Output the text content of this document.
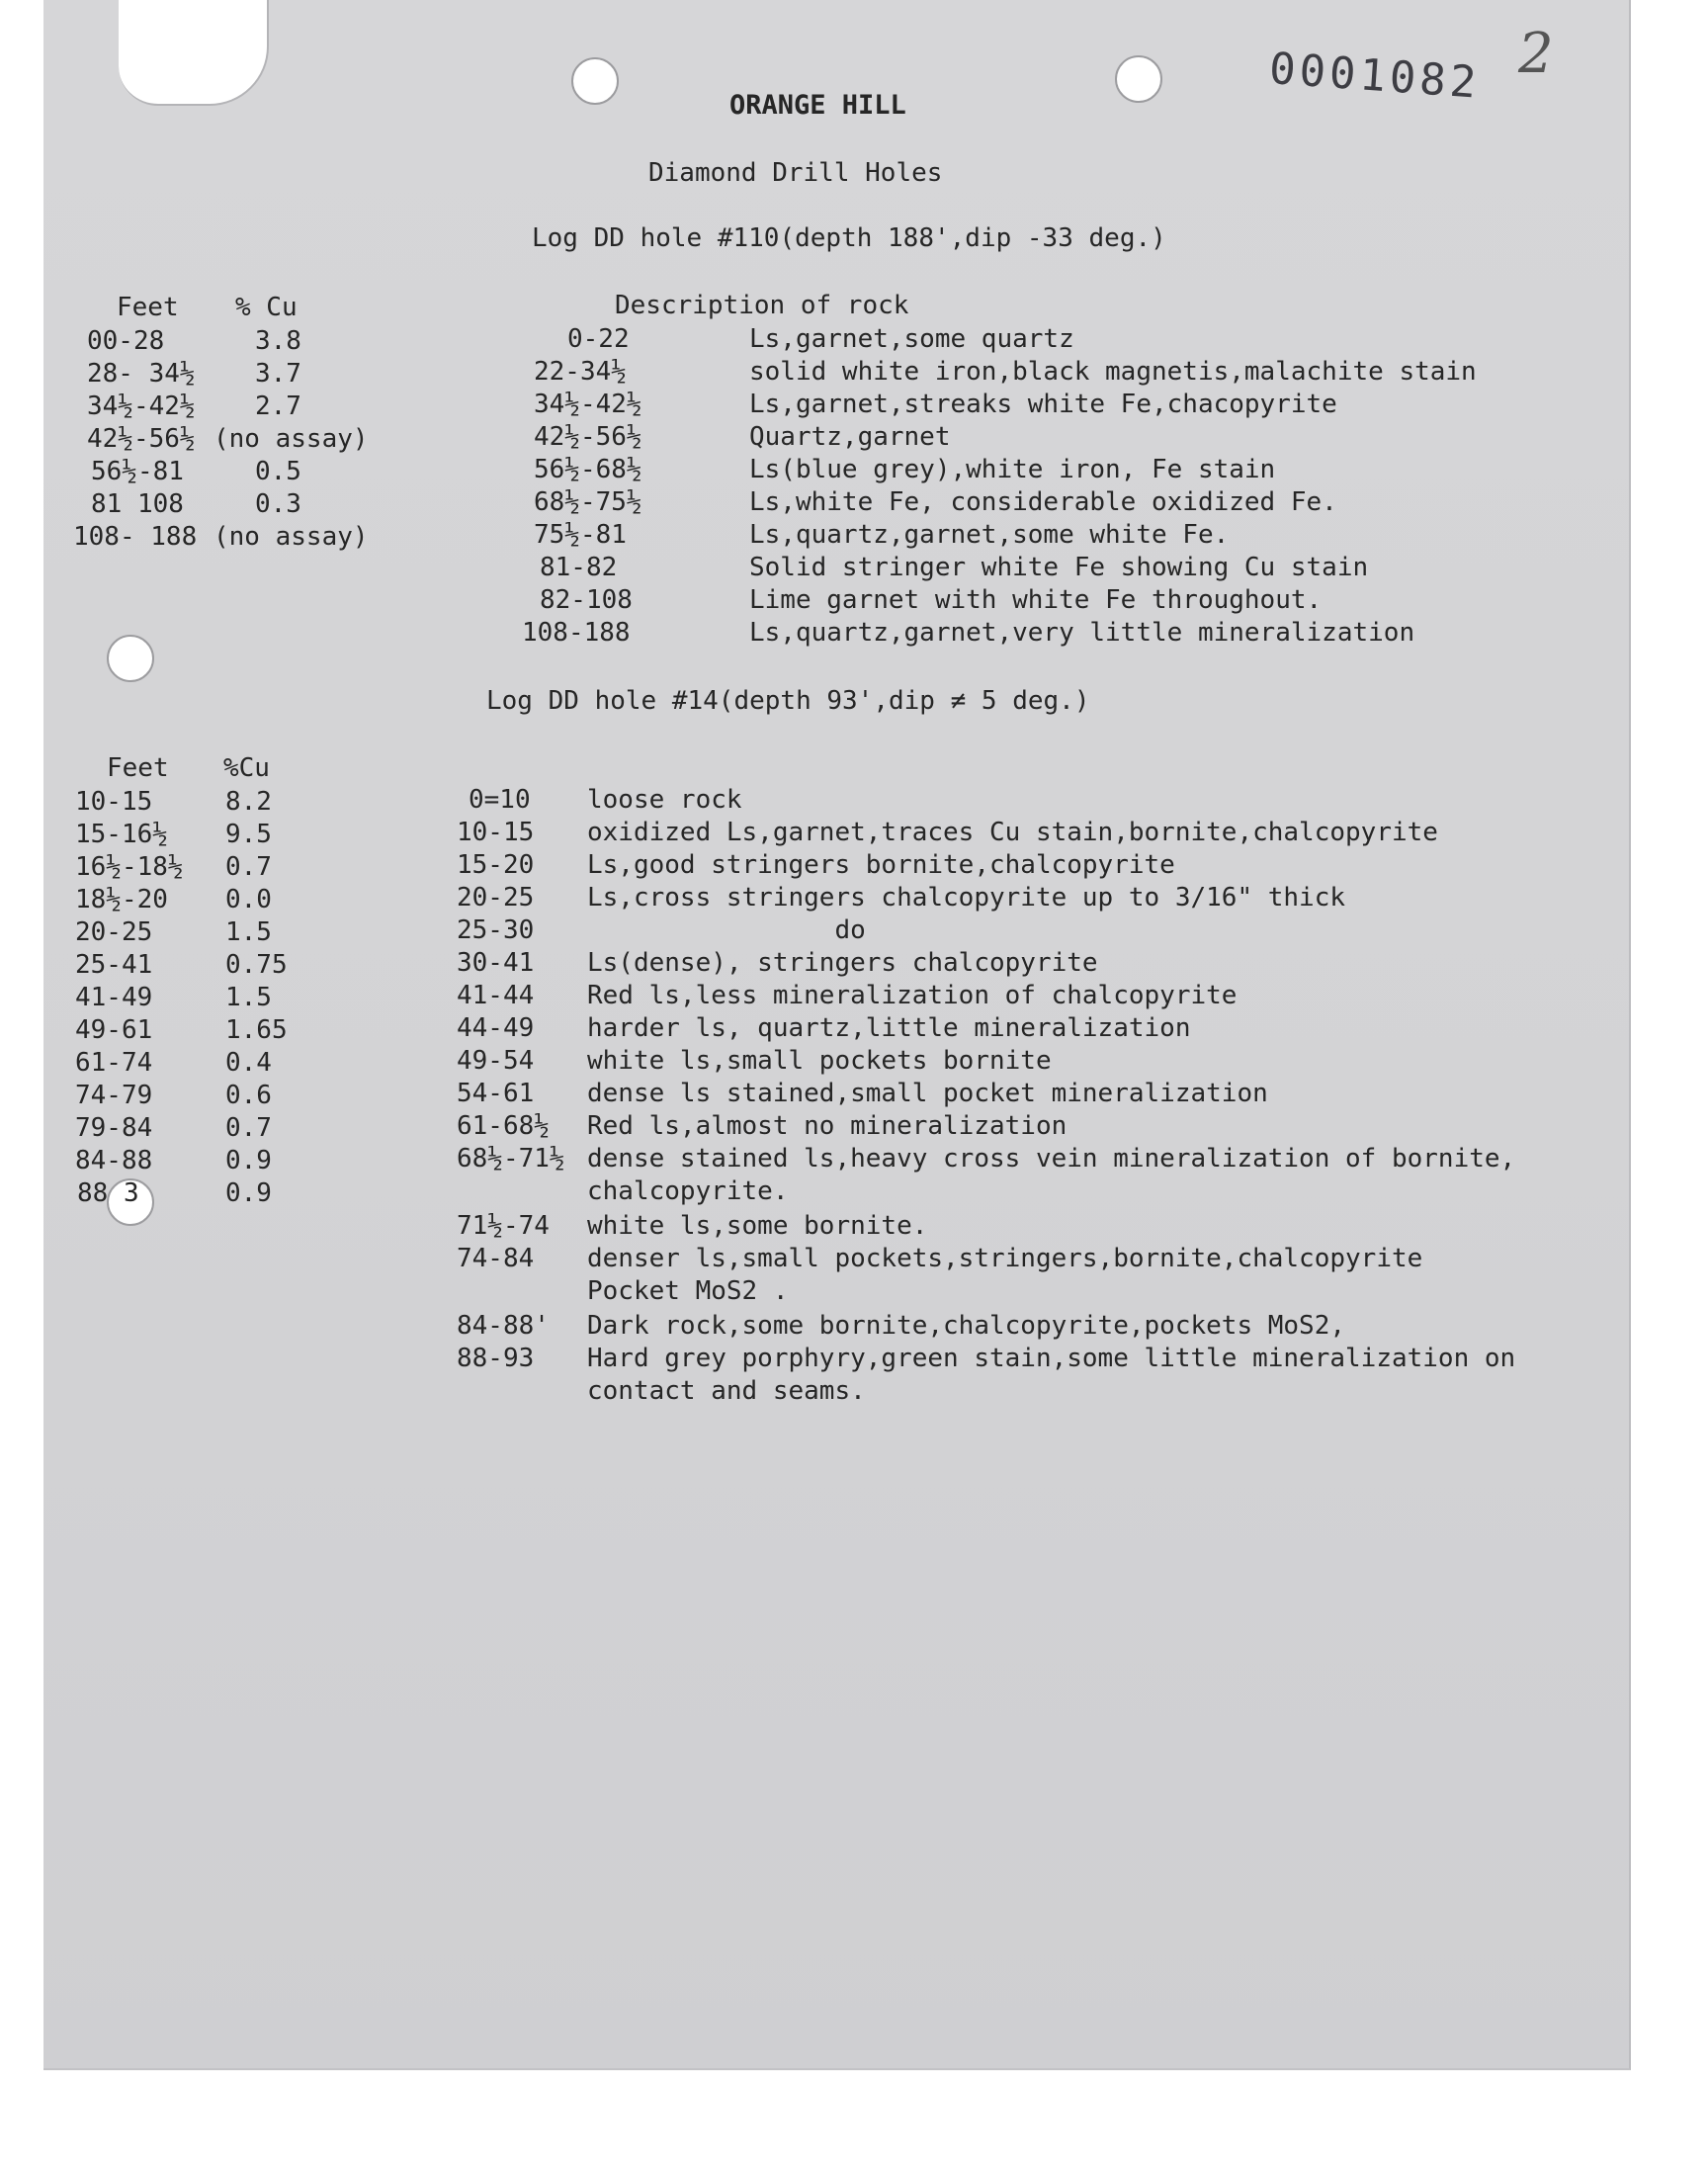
0001082 2
ORANGE HILL
Diamond Drill Holes
Log DD hole #110(depth 188',dip -33 deg.)
Feet % Cu	Description of rock
00-28	3.8
28- 34½ 3.7
34½-42½ 2.7
42½-56½ (no assay)
56½-81	0.5
81 108	0.3
108- 188 (no assay)
0-22	Ls,garnet,some quartz
22-34½	solid white iron,black magnetis,malachite stain
34½-42½	Ls,garnet,streaks white Fe,chacopyrite
42½-56½	Quartz,garnet
56½-68½	Ls(blue grey),white iron, Fe stain
68½-75½	Ls,white Fe, considerable oxidized Fe.
75½-81	Ls,quartz,garnet,some white Fe.
81-82	Solid stringer white Fe showing Cu stain
82-108	Lime garnet with white Fe throughout.
108-188	Ls,quartz,garnet,very little mineralization
Log DD hole #14(depth 93',dip ≠ 5 deg.)
Feet %Cu
10-15	8.2
15-16½ 9.5
16½-18½ 0.7
18½-20 0.0
20-25	1.5
25-41	0.75
41-49	1.5
49-61	1.65
61-74	0.4
74-79	0.6
79-84	0.7
84-88	0.9
88 3	0.9
0=10 loose rock
10-15 oxidized Ls,garnet,traces Cu stain,bornite,chalcopyrite
15-20 Ls,good stringers bornite,chalcopyrite
20-25 Ls,cross stringers chalcopyrite up to 3/16" thick
25-30 do
30-41 Ls(dense), stringers chalcopyrite
41-44 Red ls,less mineralization of chalcopyrite
44-49 harder ls, quartz,little mineralization
49-54 white ls,small pockets bornite
54-61 dense ls stained,small pocket mineralization
61-68½ Red ls,almost no mineralization
68½-71½ dense stained ls,heavy cross vein mineralization of bornite,
chalcopyrite.
71½-74 white ls,some bornite.
74-84 denser ls,small pockets,stringers,bornite,chalcopyrite
Pocket MoS2 .
84-88' Dark rock,some bornite,chalcopyrite,pockets MoS2,
88-93 Hard grey porphyry,green stain,some little mineralization on
contact and seams.
